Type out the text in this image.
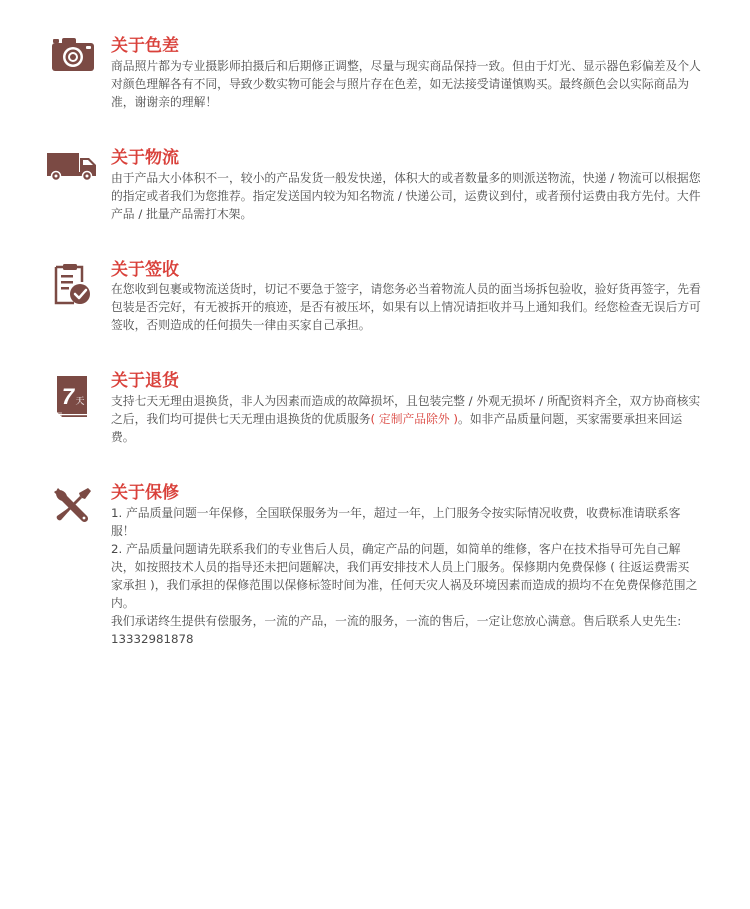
关于色差
商品照片都为专业摄影师拍摄后和后期修正调整，尽量与现实商品保持一致。但由于灯光、显示器色彩偏差及个人对颜色理解各有不同，导致少数实物可能会与照片存在色差，如无法接受请谨慎购买。最终颜色会以实际商品为准，谢谢亲的理解！
关于物流
由于产品大小体积不一，较小的产品发货一般发快递，体积大的或者数量多的则派送物流，快递 / 物流可以根据您的指定或者我们为您推荐。指定发送国内较为知名物流 / 快递公司，运费议到付，或者预付运费由我方先付。大件产品 / 批量产品需打木架。
关于签收
在您收到包裹或物流送货时，切记不要急于签字，请您务必当着物流人员的面当场拆包验收，验好货再签字，先看包装是否完好，有无被拆开的痕迹，是否有被压坏，如果有以上情况请拒收并马上通知我们。经您检查无误后方可签收，否则造成的任何损失一律由买家自己承担。
7 天
关于退货
支持七天无理由退换货，非人为因素而造成的故障损坏，且包装完整 / 外观无损坏 / 所配资料齐全，双方协商核实之后，我们均可提供七天无理由退换货的优质服务( 定制产品除外 )。如非产品质量问题，买家需要承担来回运费。
关于保修

1. 产品质量问题一年保修，全国联保服务为一年，超过一年，上门服务令按实际情况收费，收费标准请联系客服！

2. 产品质量问题请先联系我们的专业售后人员，确定产品的问题，如简单的维修，客户在技术指导可先自己解决，如按照技术人员的指导还未把问题解决，我们再安排技术人员上门服务。保修期内免费保修 ( 往返运费需买家承担 )，我们承担的保修范围以保修标签时间为准，任何天灾人祸及环境因素而造成的损均不在免费保修范围之内。

我们承诺终生提供有偿服务，一流的产品，一流的服务，一流的售后，一定让您放心满意。售后联系人史先生: 13332981878
